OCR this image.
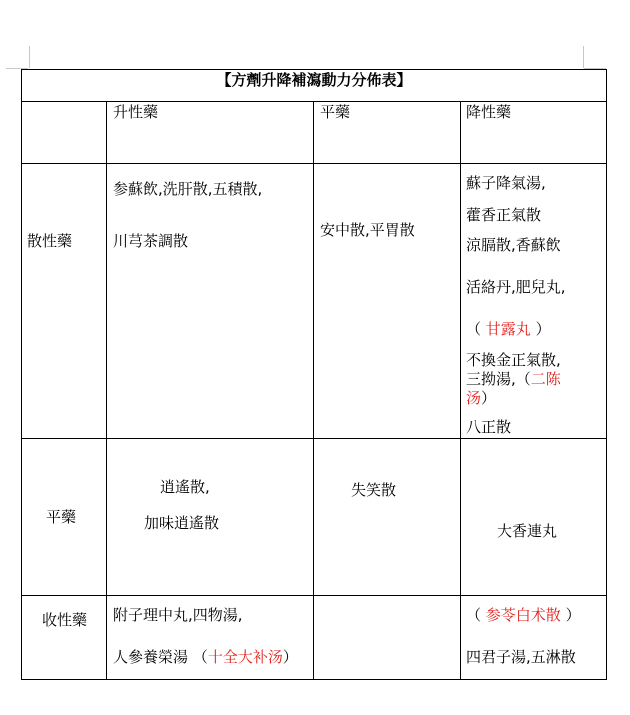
【方劑升降補瀉動力分佈表】
升性藥	平藥	降性藥
散性藥
参蘇飲,洗肝散,五積散,
川芎茶調散
安中散,平胃散
蘇子降氣湯,
藿香正氣散
涼膈散,香蘇飲
活絡丹,肥兒丸,
（ 甘露丸 ）
不換金正氣散,
三拗湯,（二陈
汤）
八正散
平藥
逍遙散,
加味逍遙散
失笑散
大香連丸
收性藥 附子理中丸,四物湯,
人參養榮湯 （十全大补汤）
（ 参苓白术散 ）
四君子湯,五淋散
